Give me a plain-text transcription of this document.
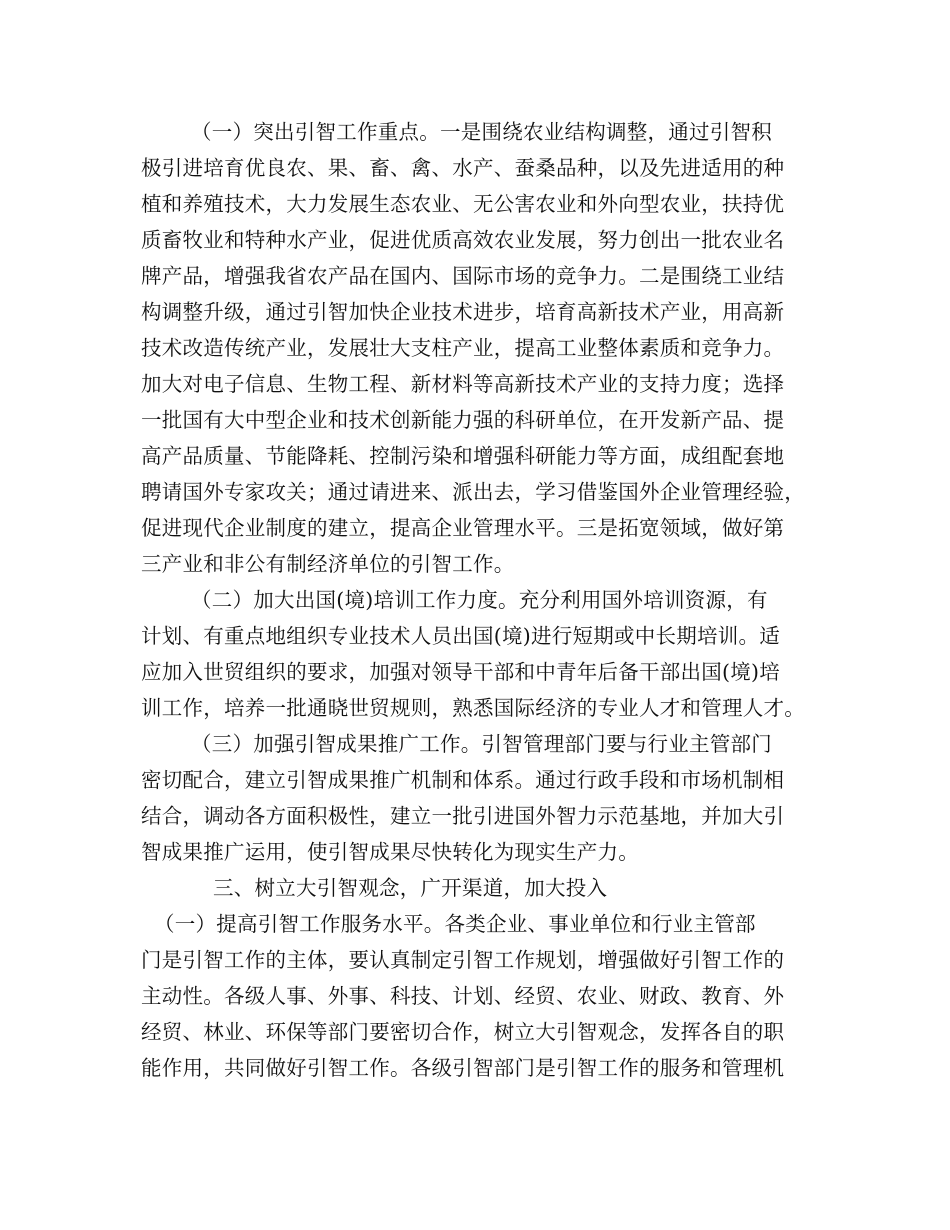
（一）突出引智工作重点。一是围绕农业结构调整，通过引智积
极引进培育优良农、果、畜、禽、水产、蚕桑品种，以及先进适用的种
植和养殖技术，大力发展生态农业、无公害农业和外向型农业，扶持优
质畜牧业和特种水产业，促进优质高效农业发展，努力创出一批农业名
牌产品，增强我省农产品在国内、国际市场的竞争力。二是围绕工业结
构调整升级，通过引智加快企业技术进步，培育高新技术产业，用高新
技术改造传统产业，发展壮大支柱产业，提高工业整体素质和竞争力。
加大对电子信息、生物工程、新材料等高新技术产业的支持力度；选择
一批国有大中型企业和技术创新能力强的科研单位，在开发新产品、提
高产品质量、节能降耗、控制污染和增强科研能力等方面，成组配套地
聘请国外专家攻关；通过请进来、派出去，学习借鉴国外企业管理经验，
促进现代企业制度的建立，提高企业管理水平。三是拓宽领域，做好第
三产业和非公有制经济单位的引智工作。
（二）加大出国(境)培训工作力度。充分利用国外培训资源，有
计划、有重点地组织专业技术人员出国(境)进行短期或中长期培训。适
应加入世贸组织的要求，加强对领导干部和中青年后备干部出国(境)培
训工作，培养一批通晓世贸规则，熟悉国际经济的专业人才和管理人才。
（三）加强引智成果推广工作。引智管理部门要与行业主管部门
密切配合，建立引智成果推广机制和体系。通过行政手段和市场机制相
结合，调动各方面积极性，建立一批引进国外智力示范基地，并加大引
智成果推广运用，使引智成果尽快转化为现实生产力。
三、树立大引智观念，广开渠道，加大投入
（一）提高引智工作服务水平。各类企业、事业单位和行业主管部
门是引智工作的主体，要认真制定引智工作规划，增强做好引智工作的
主动性。各级人事、外事、科技、计划、经贸、农业、财政、教育、外
经贸、林业、环保等部门要密切合作，树立大引智观念，发挥各自的职
能作用，共同做好引智工作。各级引智部门是引智工作的服务和管理机
